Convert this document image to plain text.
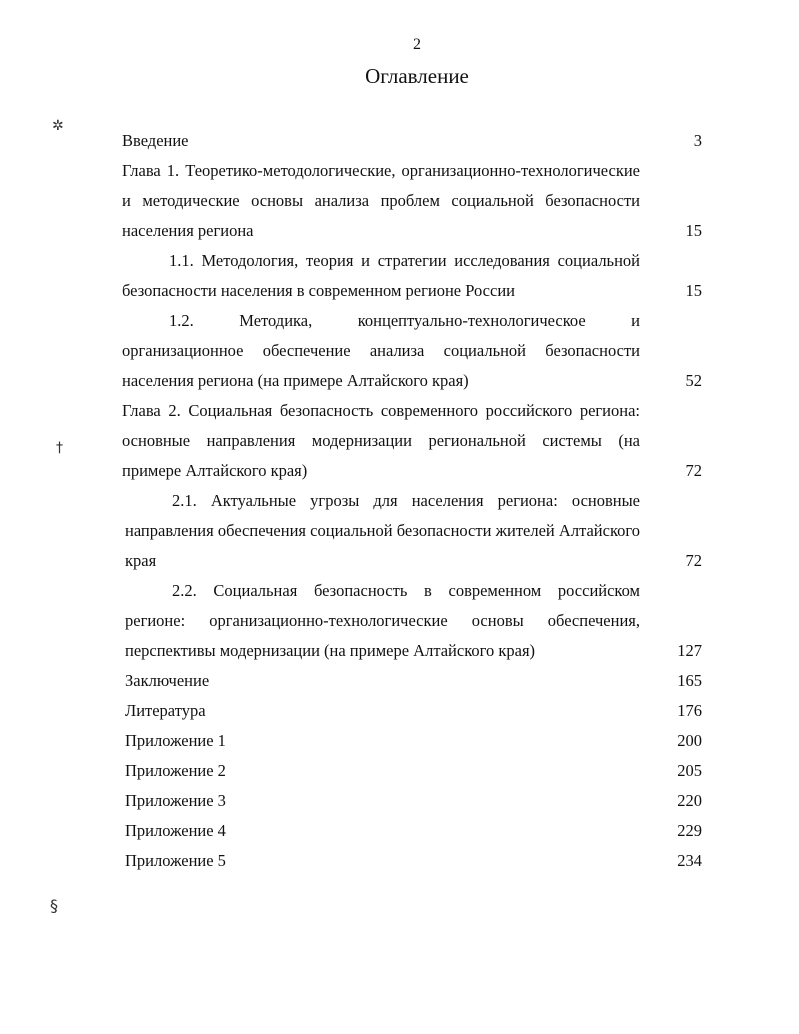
2
Оглавление
Введение	3
Глава 1. Теоретико-методологические, организационно-технологические и методические основы анализа проблем социальной безопасности населения региона	15
1.1. Методология, теория и стратегии исследования социальной безопасности населения в современном регионе России	15
1.2. Методика, концептуально-технологическое и организационное обеспечение анализа социальной безопасности населения региона (на примере Алтайского края)	52
Глава 2. Социальная безопасность современного российского региона: основные направления модернизации региональной системы (на примере Алтайского края)	72
2.1. Актуальные угрозы для населения региона: основные направления обеспечения социальной безопасности жителей Алтайского края	72
2.2. Социальная безопасность в современном российском регионе: организационно-технологические основы обеспечения, перспективы модернизации (на примере Алтайского края)	127
Заключение	165
Литература	176
Приложение 1	200
Приложение 2	205
Приложение 3	220
Приложение 4	229
Приложение 5	234
✲
†
§
